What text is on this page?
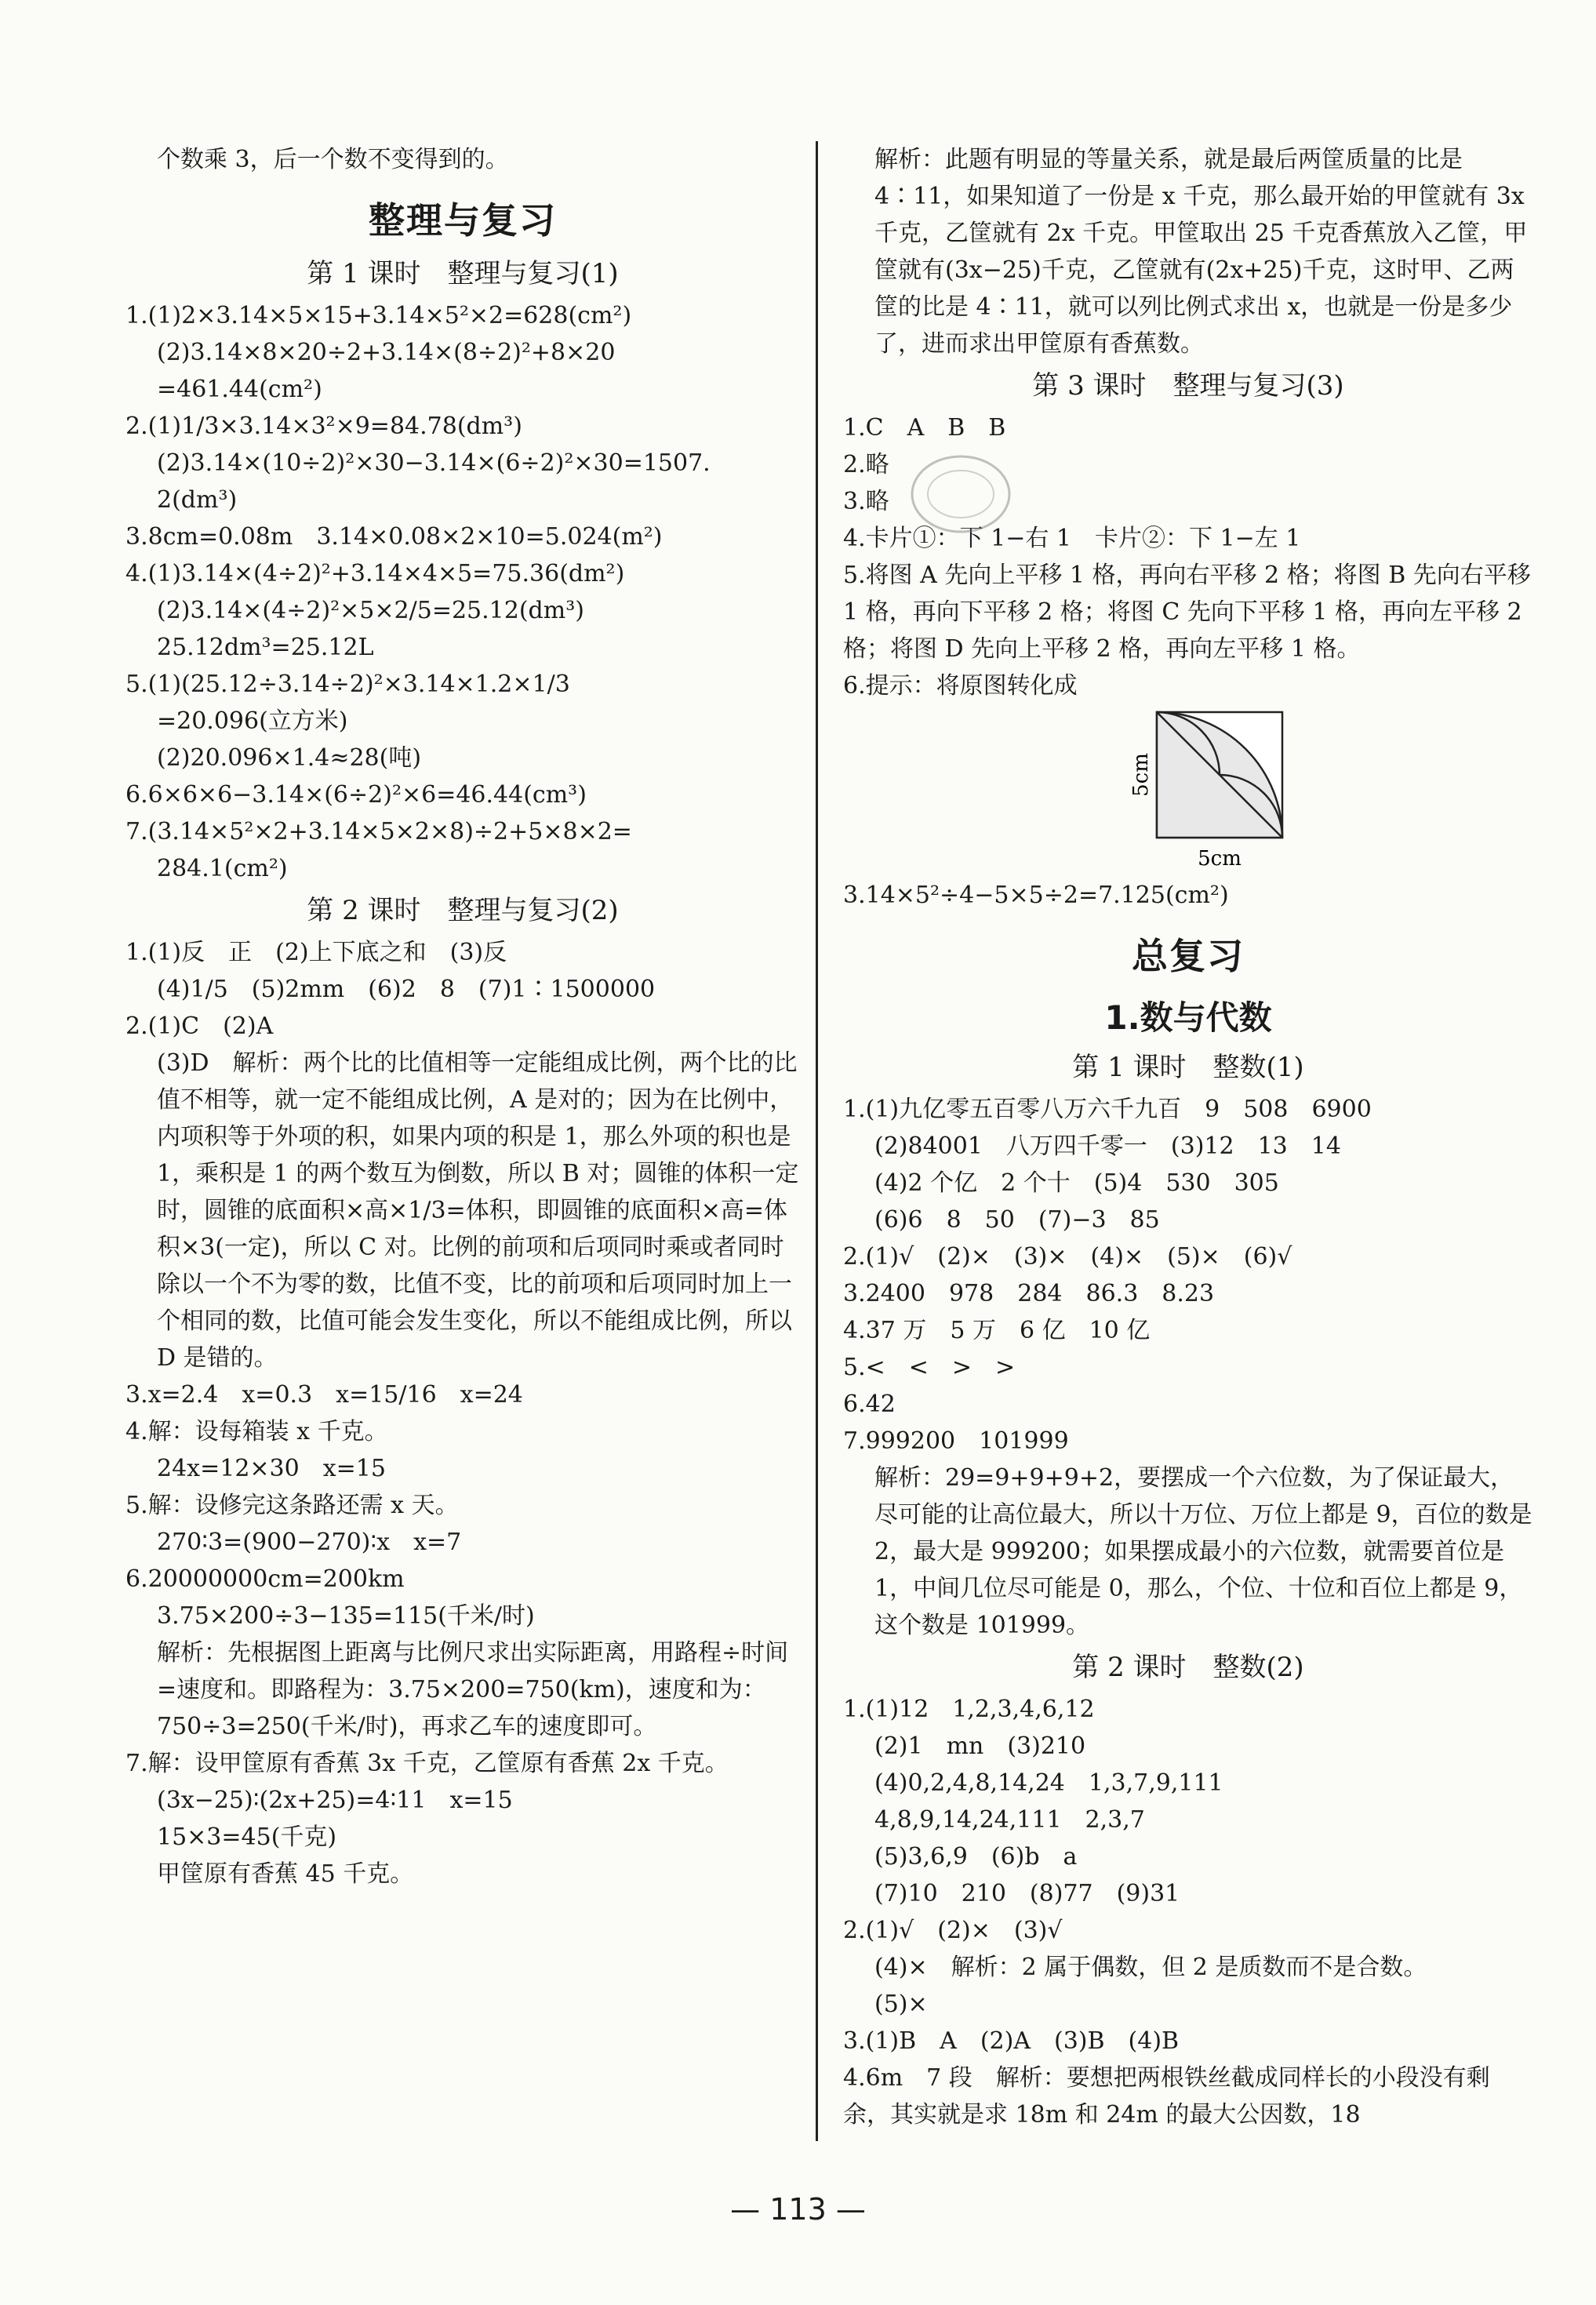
个数乘 3，后一个数不变得到的。
整理与复习
第 1 课时　整理与复习(1)
1.(1)2×3.14×5×15+3.14×5²×2=628(cm²)
(2)3.14×8×20÷2+3.14×(8÷2)²+8×20
=461.44(cm²)
2.(1)1/3×3.14×3²×9=84.78(dm³)
(2)3.14×(10÷2)²×30−3.14×(6÷2)²×30=1507.
2(dm³)
3.8cm=0.08m　3.14×0.08×2×10=5.024(m²)
4.(1)3.14×(4÷2)²+3.14×4×5=75.36(dm²)
(2)3.14×(4÷2)²×5×2/5=25.12(dm³)
25.12dm³=25.12L
5.(1)(25.12÷3.14÷2)²×3.14×1.2×1/3
=20.096(立方米)
(2)20.096×1.4≈28(吨)
6.6×6×6−3.14×(6÷2)²×6=46.44(cm³)
7.(3.14×5²×2+3.14×5×2×8)÷2+5×8×2=
284.1(cm²)
第 2 课时　整理与复习(2)
1.(1)反　正　(2)上下底之和　(3)反
(4)1/5　(5)2mm　(6)2　8　(7)1∶1500000
2.(1)C　(2)A
(3)D　解析：两个比的比值相等一定能组成比例，两个比的比值不相等，就一定不能组成比例，A 是对的；因为在比例中，内项积等于外项的积，如果内项的积是 1，那么外项的积也是 1，乘积是 1 的两个数互为倒数，所以 B 对；圆锥的体积一定时，圆锥的底面积×高×1/3=体积，即圆锥的底面积×高=体积×3(一定)，所以 C 对。比例的前项和后项同时乘或者同时除以一个不为零的数，比值不变，比的前项和后项同时加上一个相同的数，比值可能会发生变化，所以不能组成比例，所以 D 是错的。
3.x=2.4　x=0.3　x=15/16　x=24
4.解：设每箱装 x 千克。
24x=12×30　x=15
5.解：设修完这条路还需 x 天。
270∶3=(900−270)∶x　x=7
6.20000000cm=200km
3.75×200÷3−135=115(千米/时)
解析：先根据图上距离与比例尺求出实际距离，用路程÷时间=速度和。即路程为：3.75×200=750(km)，速度和为：750÷3=250(千米/时)，再求乙车的速度即可。
7.解：设甲筐原有香蕉 3x 千克，乙筐原有香蕉 2x 千克。
(3x−25)∶(2x+25)=4∶11　x=15
15×3=45(千克)
甲筐原有香蕉 45 千克。
解析：此题有明显的等量关系，就是最后两筐质量的比是 4∶11，如果知道了一份是 x 千克，那么最开始的甲筐就有 3x 千克，乙筐就有 2x 千克。甲筐取出 25 千克香蕉放入乙筐，甲筐就有(3x−25)千克，乙筐就有(2x+25)千克，这时甲、乙两筐的比是 4∶11，就可以列比例式求出 x，也就是一份是多少了，进而求出甲筐原有香蕉数。
第 3 课时　整理与复习(3)
1.C　A　B　B
2.略
3.略
4.卡片①：下 1−右 1　卡片②：下 1−左 1
5.将图 A 先向上平移 1 格，再向右平移 2 格；将图 B 先向右平移 1 格，再向下平移 2 格；将图 C 先向下平移 1 格，再向左平移 2 格；将图 D 先向上平移 2 格，再向左平移 1 格。
6.提示：将原图转化成
5cm
5cm
3.14×5²÷4−5×5÷2=7.125(cm²)
总复习
1.数与代数
第 1 课时　整数(1)
1.(1)九亿零五百零八万六千九百　9　508　6900
(2)84001　八万四千零一　(3)12　13　14
(4)2 个亿　2 个十　(5)4　530　305
(6)6　8　50　(7)−3　85
2.(1)√　(2)×　(3)×　(4)×　(5)×　(6)√
3.2400　978　284　86.3　8.23
4.37 万　5 万　6 亿　10 亿
5.<　<　>　>
6.42
7.999200　101999
解析：29=9+9+9+2，要摆成一个六位数，为了保证最大，尽可能的让高位最大，所以十万位、万位上都是 9，百位的数是 2，最大是 999200；如果摆成最小的六位数，就需要首位是 1，中间几位尽可能是 0，那么，个位、十位和百位上都是 9，这个数是 101999。
第 2 课时　整数(2)
1.(1)12　1,2,3,4,6,12
(2)1　mn　(3)210
(4)0,2,4,8,14,24　1,3,7,9,111
4,8,9,14,24,111　2,3,7
(5)3,6,9　(6)b　a
(7)10　210　(8)77　(9)31
2.(1)√　(2)×　(3)√
(4)×　解析：2 属于偶数，但 2 是质数而不是合数。
(5)×
3.(1)B　A　(2)A　(3)B　(4)B
4.6m　7 段　解析：要想把两根铁丝截成同样长的小段没有剩余，其实就是求 18m 和 24m 的最大公因数，18
— 113 —
